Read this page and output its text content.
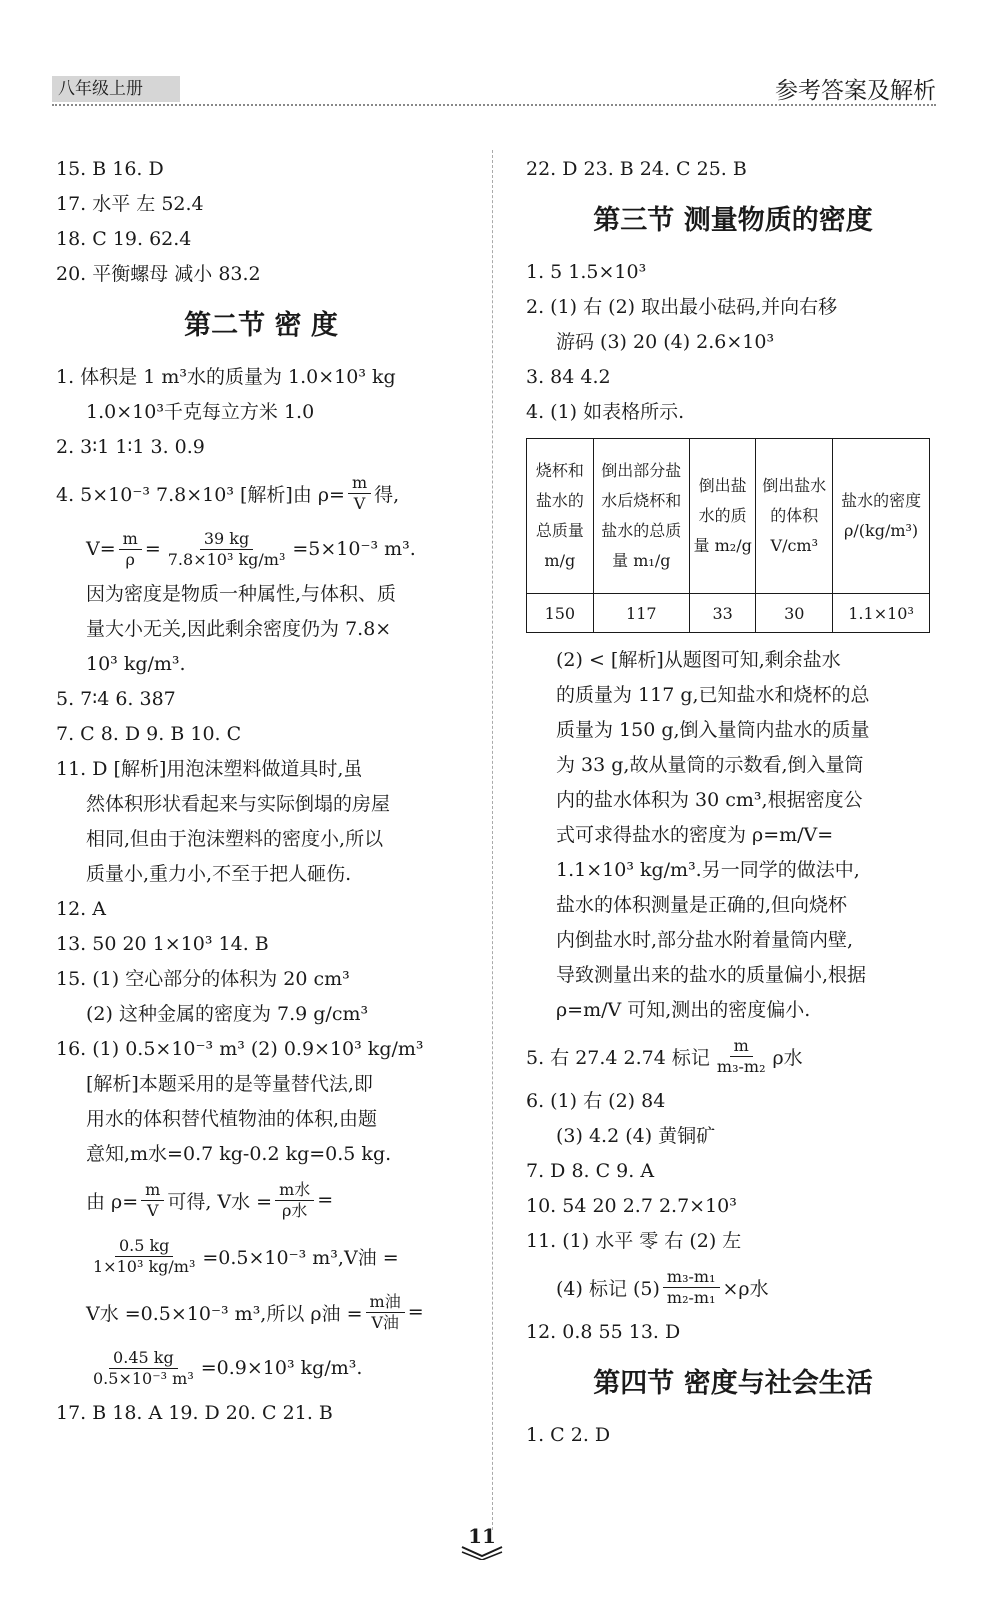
八年级上册	参考答案及解析
15. B 16. D
17. 水平 左 52.4
18. C 19. 62.4
20. 平衡螺母 减小 83.2
第二节 密 度
1. 体积是 1 m³水的质量为 1.0×10³ kg
1.0×10³千克每立方米 1.0
2. 3∶1 1∶1 3. 0.9
4. 5×10⁻³ 7.8×10³ [解析]由 $\rho= \frac{m}{V}$ 得,
$V= \frac{m}{\rho} = \frac{39 kg}{\text{7.8×10³ kg/m³}} =5\times 10^{-3}$ m³.
因为密度是物质一种属性,与体积、质
量大小无关,因此剩余密度仍为 7.8×
10³ kg/m³.
5. 7∶4 6. 387
7. C 8. D 9. B 10. C
11. D [解析]用泡沫塑料做道具时,虽
然体积形状看起来与实际倒塌的房屋
相同,但由于泡沫塑料的密度小,所以
质量小,重力小,不至于把人砸伤.
12. A
13. 50 20 1×10³ 14. B
15. (1) 空心部分的体积为 20 cm³
(2) 这种金属的密度为 7.9 g/cm³
16. (1) 0.5×10⁻³ m³ (2) 0.9×10³ kg/m³
[解析]本题采用的是等量替代法,即
用水的体积替代植物油的体积,由题
意知,m水=0.7 kg-0.2 kg=0.5 kg.
由 $\rho= \frac{m}{V}$ 可得, V水 = $\frac{\text{m水}}{\text{ρ水}}$ =
$\frac{0.5 kg}{\text{1×10³ kg/m³}} =0.5\times 10^{-3}$ m³,V油 =
V水 =0.5×10⁻³ m³,所以 ρ油 = $\frac{\text{m油}}{\text{V油}}$ =
$\frac{0.45 kg}{\text{0.5×10⁻³ m³}} =0.9\times 10^3$ kg/m³.
17. B 18. A 19. D 20. C 21. B
22. D 23. B 24. C 25. B
第三节 测量物质的密度
1. 5 1.5×10³
2. (1) 右 (2) 取出最小砝码,并向右移
游码 (3) 20 (4) 2.6×10³
3. 84 4.2
4. (1) 如表格所示.
烧杯和盐水的总质量 m/g	倒出部分盐水后烧杯和盐水的总质量 m₁/g	倒出盐水的质量 m₂/g	倒出盐水的体积 V/cm³	盐水的密度 ρ/(kg/m³)
150	117	33	30	1.1×10³
(2) < [解析]从题图可知,剩余盐水
的质量为 117 g,已知盐水和烧杯的总
质量为 150 g,倒入量筒内盐水的质量
为 33 g,故从量筒的示数看,倒入量筒
内的盐水体积为 30 cm³,根据密度公
式可求得盐水的密度为 ρ=m/V=
1.1×10³ kg/m³.另一同学的做法中,
盐水的体积测量是正确的,但向烧杯
内倒盐水时,部分盐水附着量筒内壁,
导致测量出来的盐水的质量偏小,根据
ρ=m/V 可知,测出的密度偏小.
5. 右 27.4 2.74 标记 $\frac{m}{\text{m₃-m₂}}$ ρ水
6. (1) 右 (2) 84
(3) 4.2 (4) 黄铜矿
7. D 8. C 9. A
10. 54 20 2.7 2.7×10³
11. (1) 水平 零 右 (2) 左
(4) 标记 $(5) \frac{\text{m₃-m₁}}{\text{m₂-m₁}} \times\rho$水
12. 0.8 55 13. D
第四节 密度与社会生活
1. C 2. D
11
